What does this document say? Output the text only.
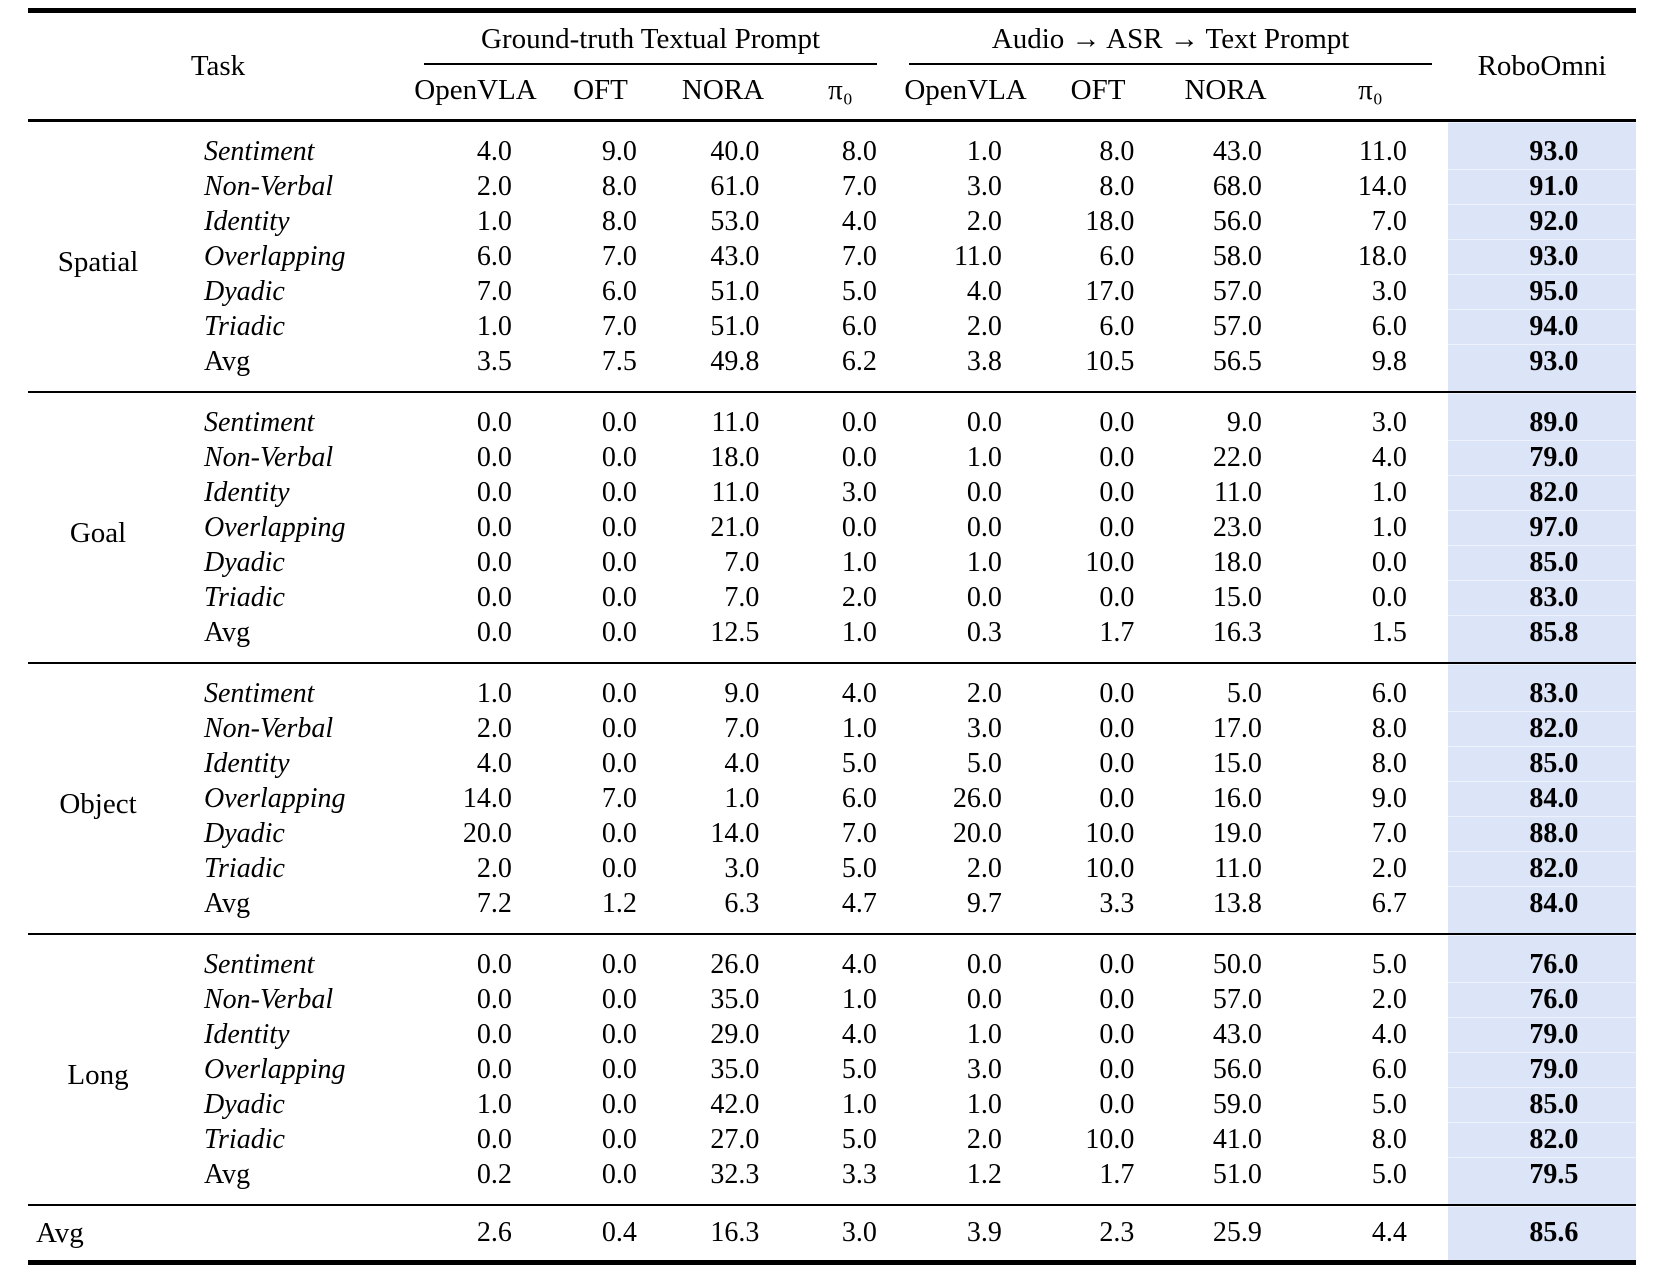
Task		Ground-truth Textual Prompt				Audio → ASR → Text Prompt				RoboOmni
		OpenVLA	OFT	NORA	π₀	OpenVLA	OFT	NORA	π₀	
Spatial	Sentiment	4.0	9.0	40.0	8.0	1.0	8.0	43.0	11.0	93.0
	Non-Verbal	2.0	8.0	61.0	7.0	3.0	8.0	68.0	14.0	91.0
	Identity	1.0	8.0	53.0	4.0	2.0	18.0	56.0	7.0	92.0
	Overlapping	6.0	7.0	43.0	7.0	11.0	6.0	58.0	18.0	93.0
	Dyadic	7.0	6.0	51.0	5.0	4.0	17.0	57.0	3.0	95.0
	Triadic	1.0	7.0	51.0	6.0	2.0	6.0	57.0	6.0	94.0
	Avg	3.5	7.5	49.8	6.2	3.8	10.5	56.5	9.8	93.0
Goal	Sentiment	0.0	0.0	11.0	0.0	0.0	0.0	9.0	3.0	89.0
	Non-Verbal	0.0	0.0	18.0	0.0	1.0	0.0	22.0	4.0	79.0
	Identity	0.0	0.0	11.0	3.0	0.0	0.0	11.0	1.0	82.0
	Overlapping	0.0	0.0	21.0	0.0	0.0	0.0	23.0	1.0	97.0
	Dyadic	0.0	0.0	7.0	1.0	1.0	10.0	18.0	0.0	85.0
	Triadic	0.0	0.0	7.0	2.0	0.0	0.0	15.0	0.0	83.0
	Avg	0.0	0.0	12.5	1.0	0.3	1.7	16.3	1.5	85.8
Object	Sentiment	1.0	0.0	9.0	4.0	2.0	0.0	5.0	6.0	83.0
	Non-Verbal	2.0	0.0	7.0	1.0	3.0	0.0	17.0	8.0	82.0
	Identity	4.0	0.0	4.0	5.0	5.0	0.0	15.0	8.0	85.0
	Overlapping	14.0	7.0	1.0	6.0	26.0	0.0	16.0	9.0	84.0
	Dyadic	20.0	0.0	14.0	7.0	20.0	10.0	19.0	7.0	88.0
	Triadic	2.0	0.0	3.0	5.0	2.0	10.0	11.0	2.0	82.0
	Avg	7.2	1.2	6.3	4.7	9.7	3.3	13.8	6.7	84.0
Long	Sentiment	0.0	0.0	26.0	4.0	0.0	0.0	50.0	5.0	76.0
	Non-Verbal	0.0	0.0	35.0	1.0	0.0	0.0	57.0	2.0	76.0
	Identity	0.0	0.0	29.0	4.0	1.0	0.0	43.0	4.0	79.0
	Overlapping	0.0	0.0	35.0	5.0	3.0	0.0	56.0	6.0	79.0
	Dyadic	1.0	0.0	42.0	1.0	1.0	0.0	59.0	5.0	85.0
	Triadic	0.0	0.0	27.0	5.0	2.0	10.0	41.0	8.0	82.0
	Avg	0.2	0.0	32.3	3.3	1.2	1.7	51.0	5.0	79.5
Avg		2.6	0.4	16.3	3.0	3.9	2.3	25.9	4.4	85.6
